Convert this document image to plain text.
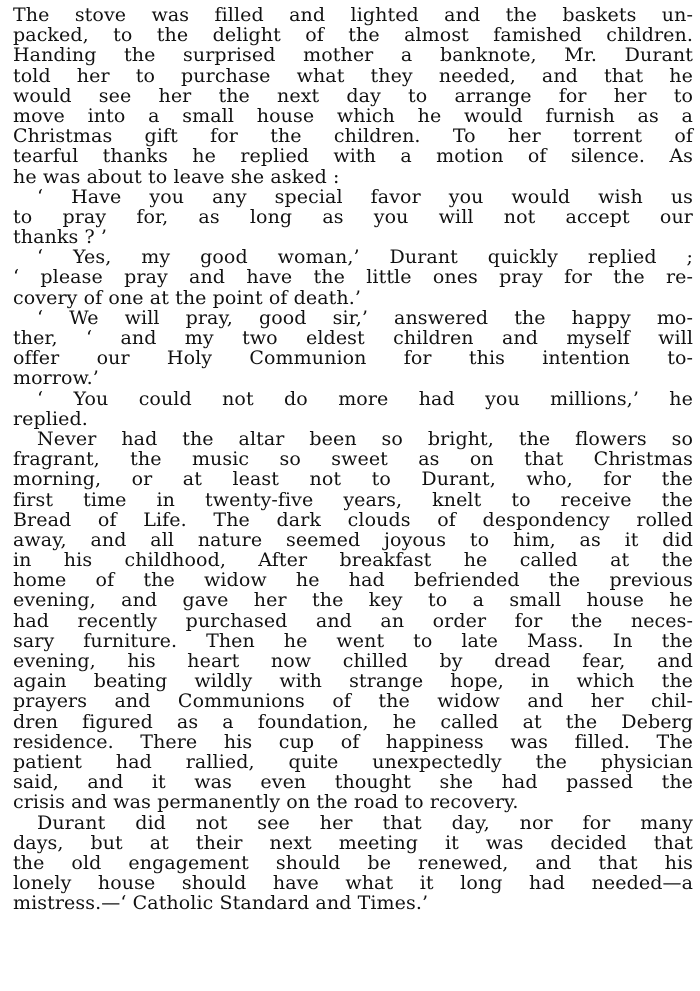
The stove was filled and lighted and the baskets un-
packed, to the delight of the almost famished children.
Handing the surprised mother a banknote, Mr. Durant
told her to purchase what they needed, and that he
would see her the next day to arrange for her to
move into a small house which he would furnish as a
Christmas gift for the children. To her torrent of
tearful thanks he replied with a motion of silence. As
he was about to leave she asked :
‘ Have you any special favor you would wish us
to pray for, as long as you will not accept our
thanks ? ’
‘ Yes, my good woman,’ Durant quickly replied ;
‘ please pray and have the little ones pray for the re-
covery of one at the point of death.’
‘ We will pray, good sir,’ answered the happy mo-
ther, ‘ and my two eldest children and myself will
offer our Holy Communion for this intention to-
morrow.’
‘ You could not do more had you millions,’ he
replied.
Never had the altar been so bright, the flowers so
fragrant, the music so sweet as on that Christmas
morning, or at least not to Durant, who, for the
first time in twenty-five years, knelt to receive the
Bread of Life. The dark clouds of despondency rolled
away, and all nature seemed joyous to him, as it did
in his childhood, After breakfast he called at the
home of the widow he had befriended the previous
evening, and gave her the key to a small house he
had recently purchased and an order for the neces-
sary furniture. Then he went to late Mass. In the
evening, his heart now chilled by dread fear, and
again beating wildly with strange hope, in which the
prayers and Communions of the widow and her chil-
dren figured as a foundation, he called at the Deberg
residence. There his cup of happiness was filled. The
patient had rallied, quite unexpectedly the physician
said, and it was even thought she had passed the
crisis and was permanently on the road to recovery.
Durant did not see her that day, nor for many
days, but at their next meeting it was decided that
the old engagement should be renewed, and that his
lonely house should have what it long had needed—a
mistress.—‘ Catholic Standard and Times.’
